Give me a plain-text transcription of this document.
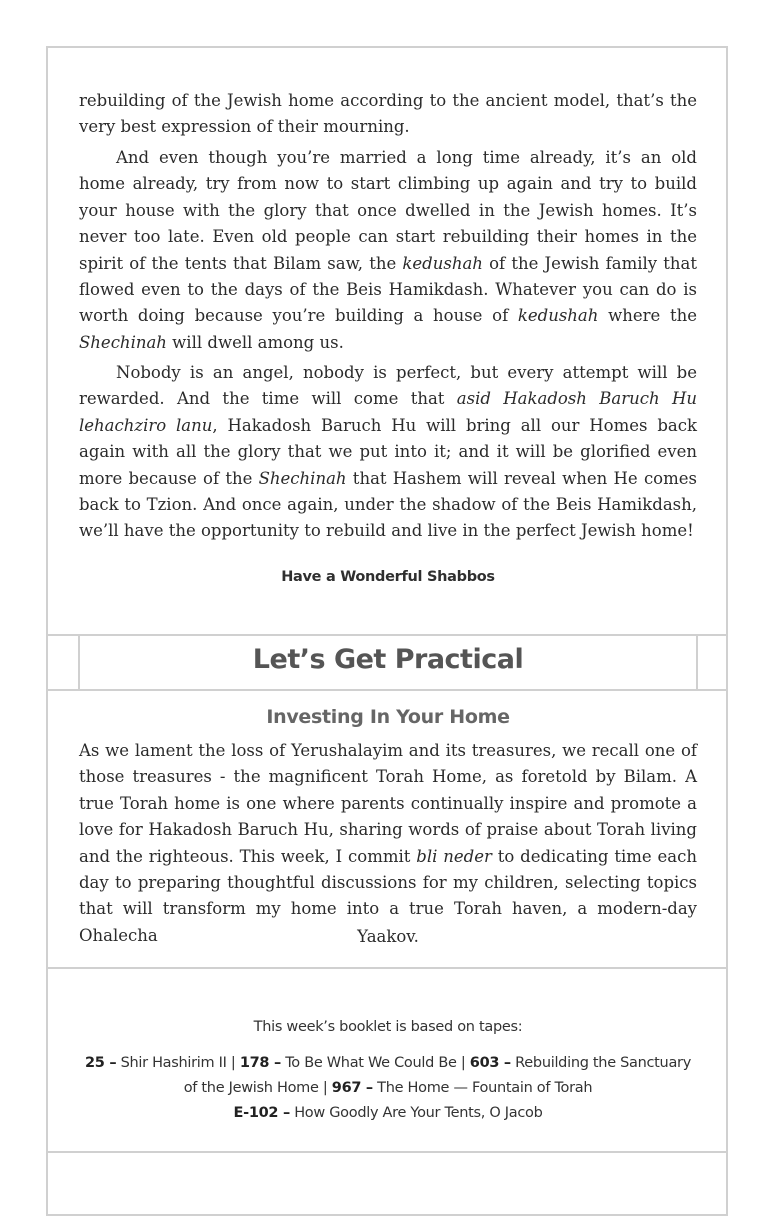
rebuilding of the Jewish home according to the ancient model, that’s the very best expression of their mourning.

And even though you’re married a long time already, it’s an old home already, try from now to start climbing up again and try to build your house with the glory that once dwelled in the Jewish homes. It’s never too late. Even old people can start rebuilding their homes in the spirit of the tents that Bilam saw, the kedushah of the Jewish family that flowed even to the days of the Beis Hamikdash. Whatever you can do is worth doing because you’re building a house of kedushah where the Shechinah will dwell among us.

Nobody is an angel, nobody is perfect, but every attempt will be rewarded. And the time will come that asid Hakadosh Baruch Hu lehachziro lanu, Hakadosh Baruch Hu will bring all our Homes back again with all the glory that we put into it; and it will be glorified even more because of the Shechinah that Hashem will reveal when He comes back to Tzion. And once again, under the shadow of the Beis Hamikdash, we’ll have the opportunity to rebuild and live in the perfect Jewish home!

Have a Wonderful Shabbos

Let’s Get Practical
Investing In Your Home

As we lament the loss of Yerushalayim and its treasures, we recall one of those treasures - the magnificent Torah Home, as foretold by Bilam. A true Torah home is one where parents continually inspire and promote a love for Hakadosh Baruch Hu, sharing words of praise about Torah living and the righteous. This week, I commit bli neder to dedicating time each day to preparing thoughtful discussions for my children, selecting topics that will transform my home into a true Torah haven, a modern-day Ohalecha	Yaakov.

This week’s booklet is based on tapes:

25 – Shir Hashirim II | 178 – To Be What We Could Be | 603 – Rebuilding the Sanctuary of the Jewish Home | 967 – The Home — Fountain of Torah
E-102 – How Goodly Are Your Tents, O Jacob
